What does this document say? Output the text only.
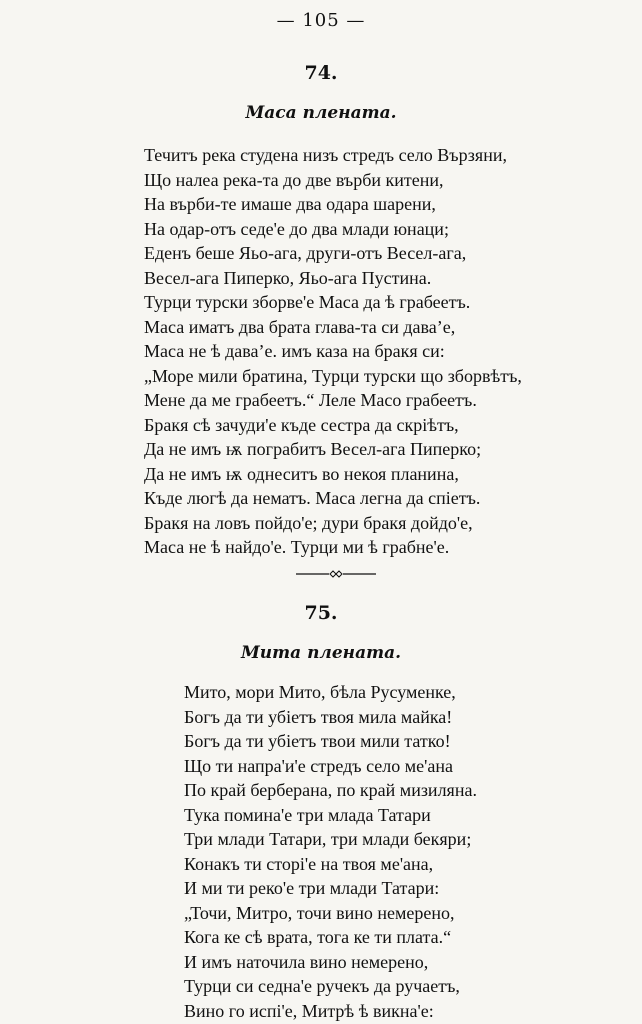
— 105 —
74.
Маса плената.
Течитъ река студена низъ стредъ село Вързяни,
Що налеа река-та до две върби китени,
На върби-те имаше два одара шарени,
На одар-отъ седе'е до два млади юнаци;
Еденъ беше Яьо-ага, други-отъ Весел-ага,
Весел-ага Пиперко, Яьо-ага Пустина.
Турци турски зборве'е Маса да ѣ грабеетъ.
Маса иматъ два брата глава-та си даваʼе,
Маса не ѣ даваʼе. имъ каза на бракя си:
„Море мили братина, Турци турски що зборвѣтъ,
Мене да ме грабеетъ.“ Леле Масо грабеетъ.
Бракя сѣ зачуди'е къде сестра да скрiѣтъ,
Да не имъ ѭ пограбитъ Весел-ага Пиперко;
Да не имъ ѭ однеситъ во некоя планина,
Къде люгѣ да нематъ. Маса легна да спiетъ.
Бракя на ловъ пойдо'е; дури бракя дойдо'е,
Маса не ѣ найдо'е. Турци ми ѣ грабне'е.
75.
Мита плената.
Мито, мори Мито, бѣла Русуменке,
Богъ да ти убiетъ твоя мила майка!
Богъ да ти убiетъ твои мили татко!
Що ти напра'и'е стредъ село ме'ана
По край берберана, по край мизиляна.
Тука помина'е три млада Татари
Три млади Татари, три млади бекяри;
Конакъ ти сторi'е на твоя ме'ана,
И ми ти реко'е три млади Татари:
„Точи, Митро, точи вино немерено,
Кога ке сѣ врата, тога ке ти плата.“
И имъ наточила вино немерено,
Турци си седна'е ручекъ да ручаетъ,
Вино го испi'е, Митрѣ ѣ викна'е:
